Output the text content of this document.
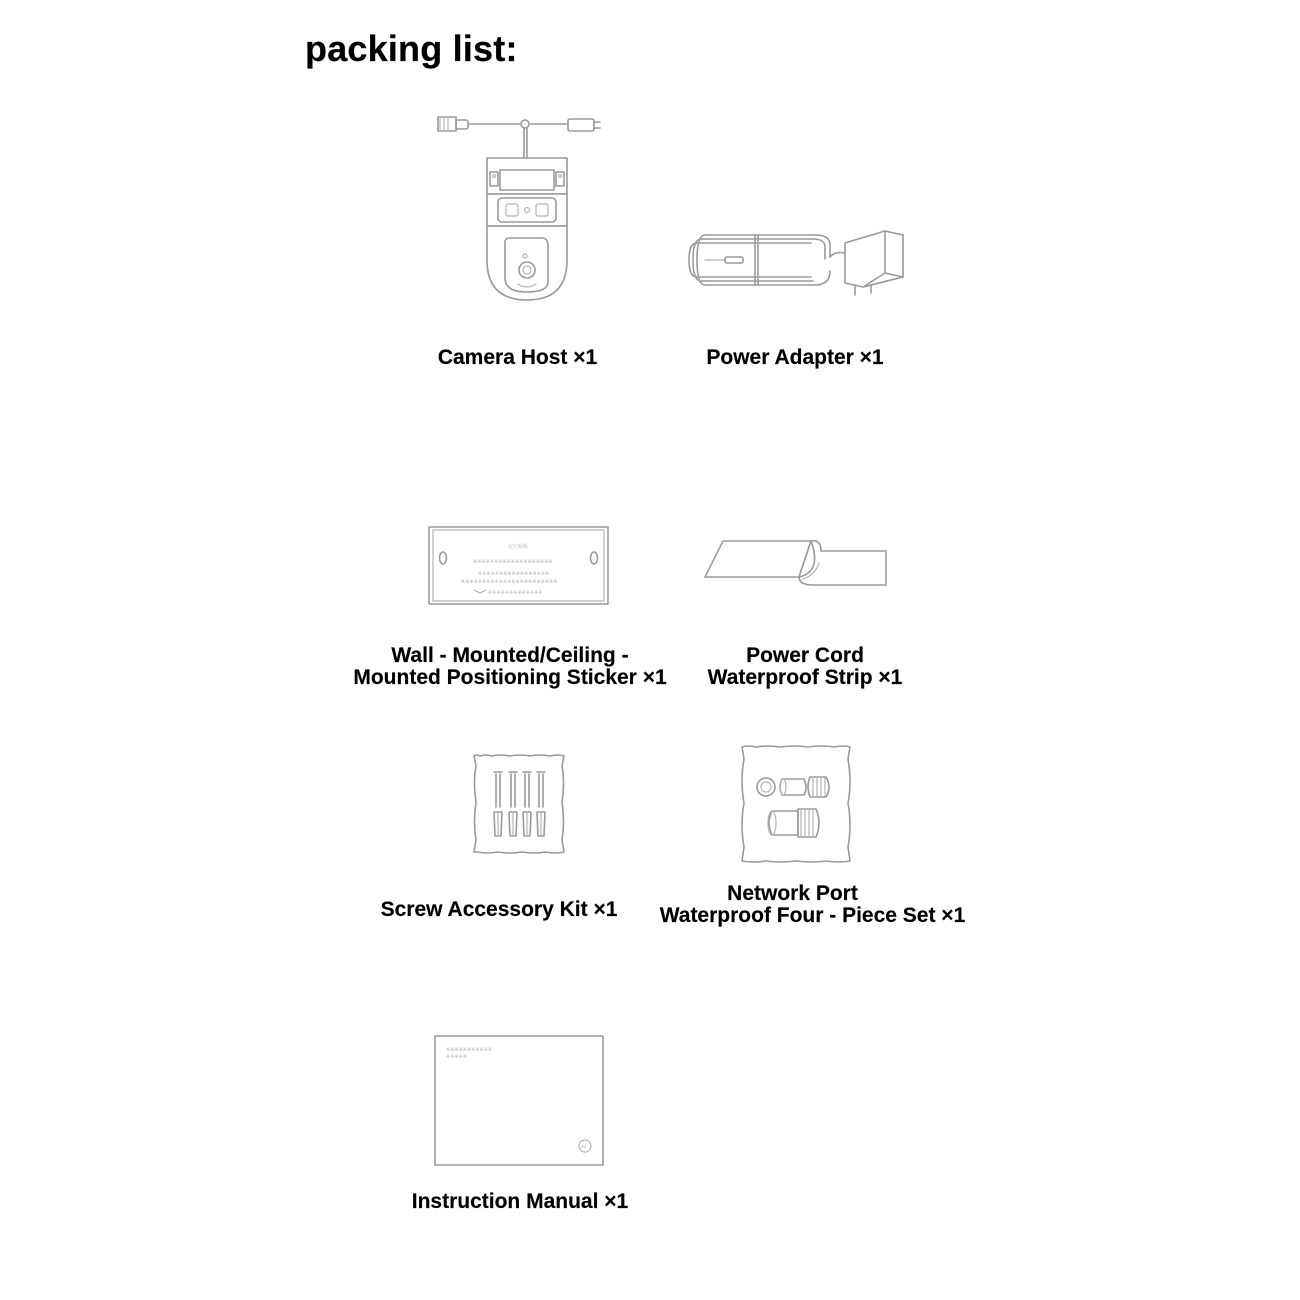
packing list:
Camera Host ×1	Power Adapter ×1
定位贴纸
※※※※※※※※※※※※※※※※※※※
※※※※※※※※※※※※※※※※※
※※※※※※※※※※※※※※※※※※※※※※※
※※※※※※※※※※※※※
Wall - Mounted/Ceiling -
Mounted Positioning Sticker ×1
Power Cord
Waterproof Strip ×1
Screw Accessory Kit ×1
Network Port
Waterproof Four - Piece Set ×1
※※※※※※※※※※※
※※※※※
mi
Instruction Manual ×1
